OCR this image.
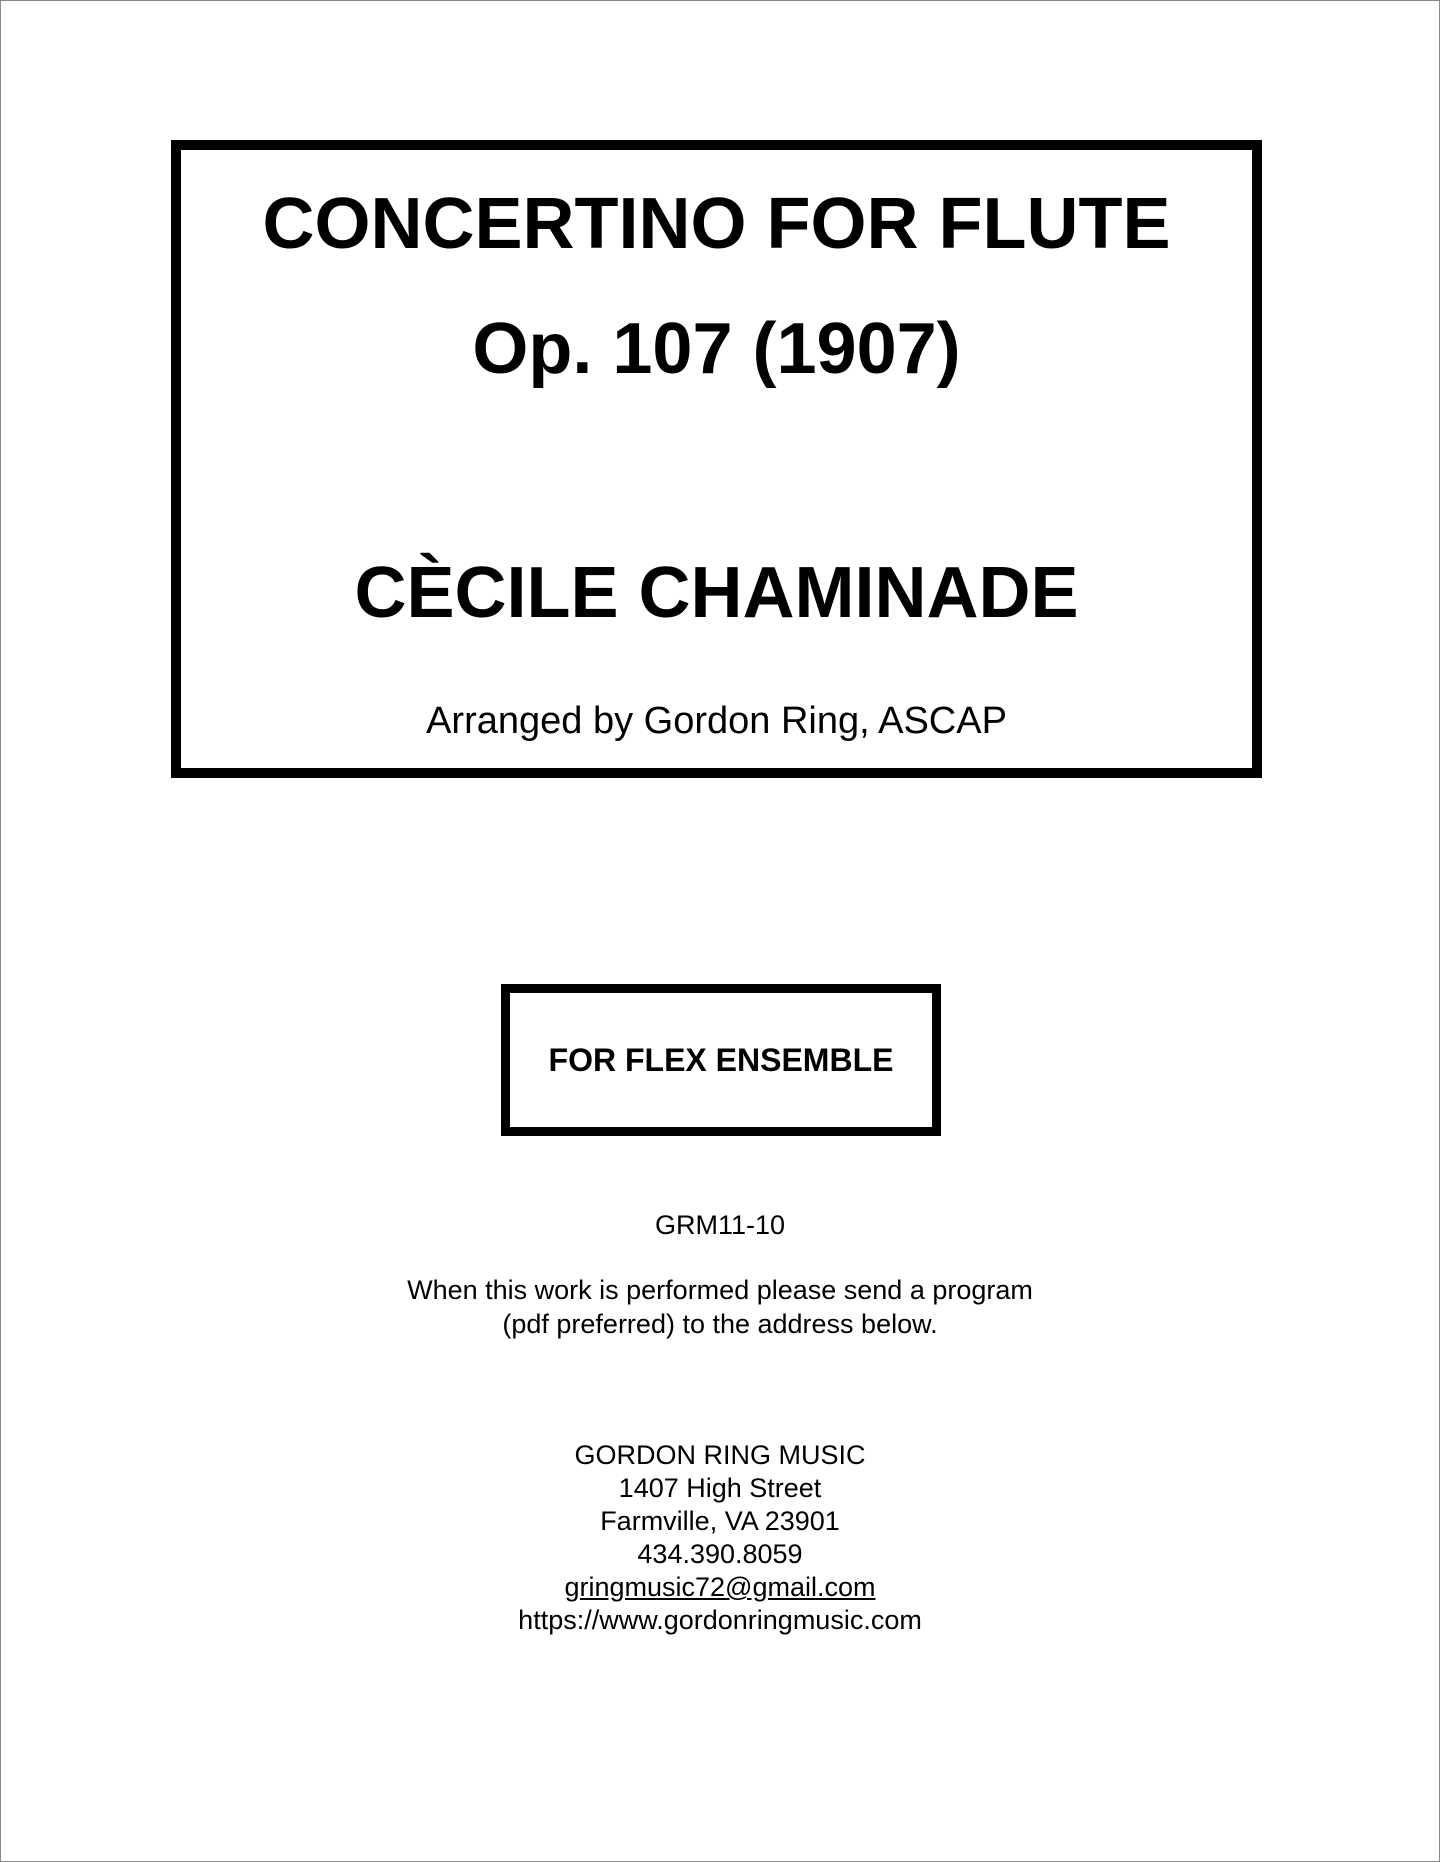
CONCERTINO FOR FLUTE
Op. 107 (1907)
CÈCILE CHAMINADE
Arranged by Gordon Ring, ASCAP
FOR FLEX ENSEMBLE
GRM11-10
When this work is performed please send a program
(pdf preferred) to the address below.
GORDON RING MUSIC
1407 High Street
Farmville, VA 23901
434.390.8059
gringmusic72@gmail.com
https://www.gordonringmusic.com
